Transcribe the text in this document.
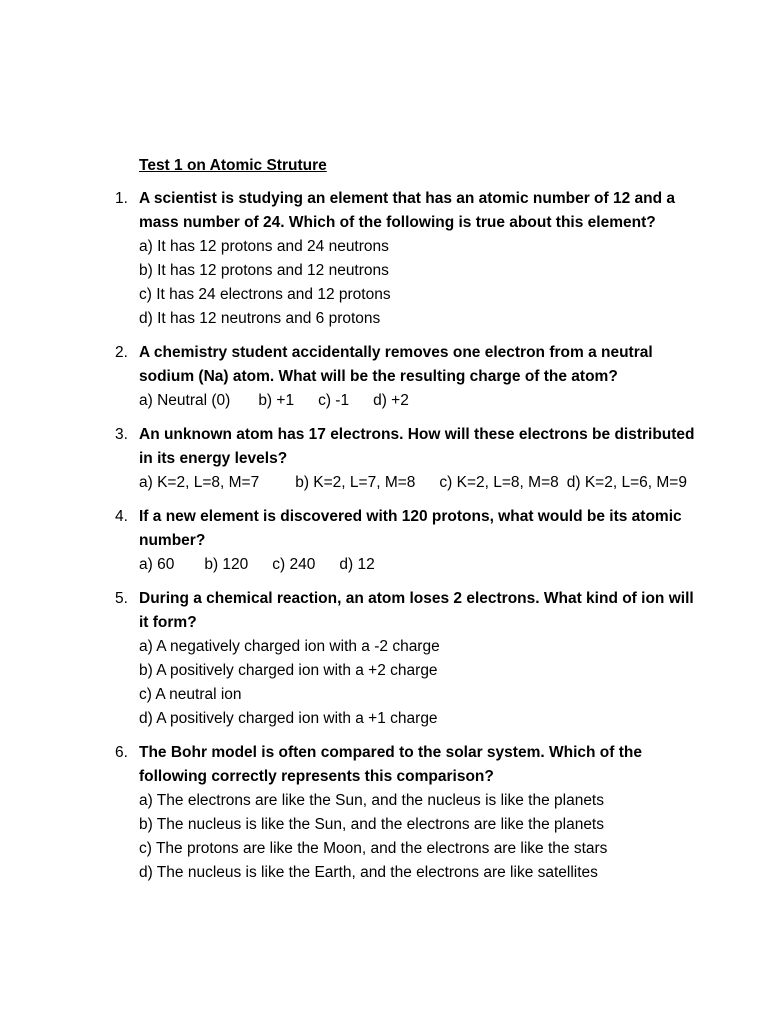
Test 1 on Atomic Struture
1. A scientist is studying an element that has an atomic number of 12 and a mass number of 24. Which of the following is true about this element?
a) It has 12 protons and 24 neutrons
b) It has 12 protons and 12 neutrons
c) It has 24 electrons and 12 protons
d) It has 12 neutrons and 6 protons
2. A chemistry student accidentally removes one electron from a neutral sodium (Na) atom. What will be the resulting charge of the atom?
a) Neutral (0) b) +1 c) -1 d) +2
3. An unknown atom has 17 electrons. How will these electrons be distributed in its energy levels?
a) K=2, L=8, M=7 b) K=2, L=7, M=8 c) K=2, L=8, M=8 d) K=2, L=6, M=9
4. If a new element is discovered with 120 protons, what would be its atomic number?
a) 60 b) 120 c) 240 d) 12
5. During a chemical reaction, an atom loses 2 electrons. What kind of ion will it form?
a) A negatively charged ion with a -2 charge
b) A positively charged ion with a +2 charge
c) A neutral ion
d) A positively charged ion with a +1 charge
6. The Bohr model is often compared to the solar system. Which of the following correctly represents this comparison?
a) The electrons are like the Sun, and the nucleus is like the planets
b) The nucleus is like the Sun, and the electrons are like the planets
c) The protons are like the Moon, and the electrons are like the stars
d) The nucleus is like the Earth, and the electrons are like satellites
